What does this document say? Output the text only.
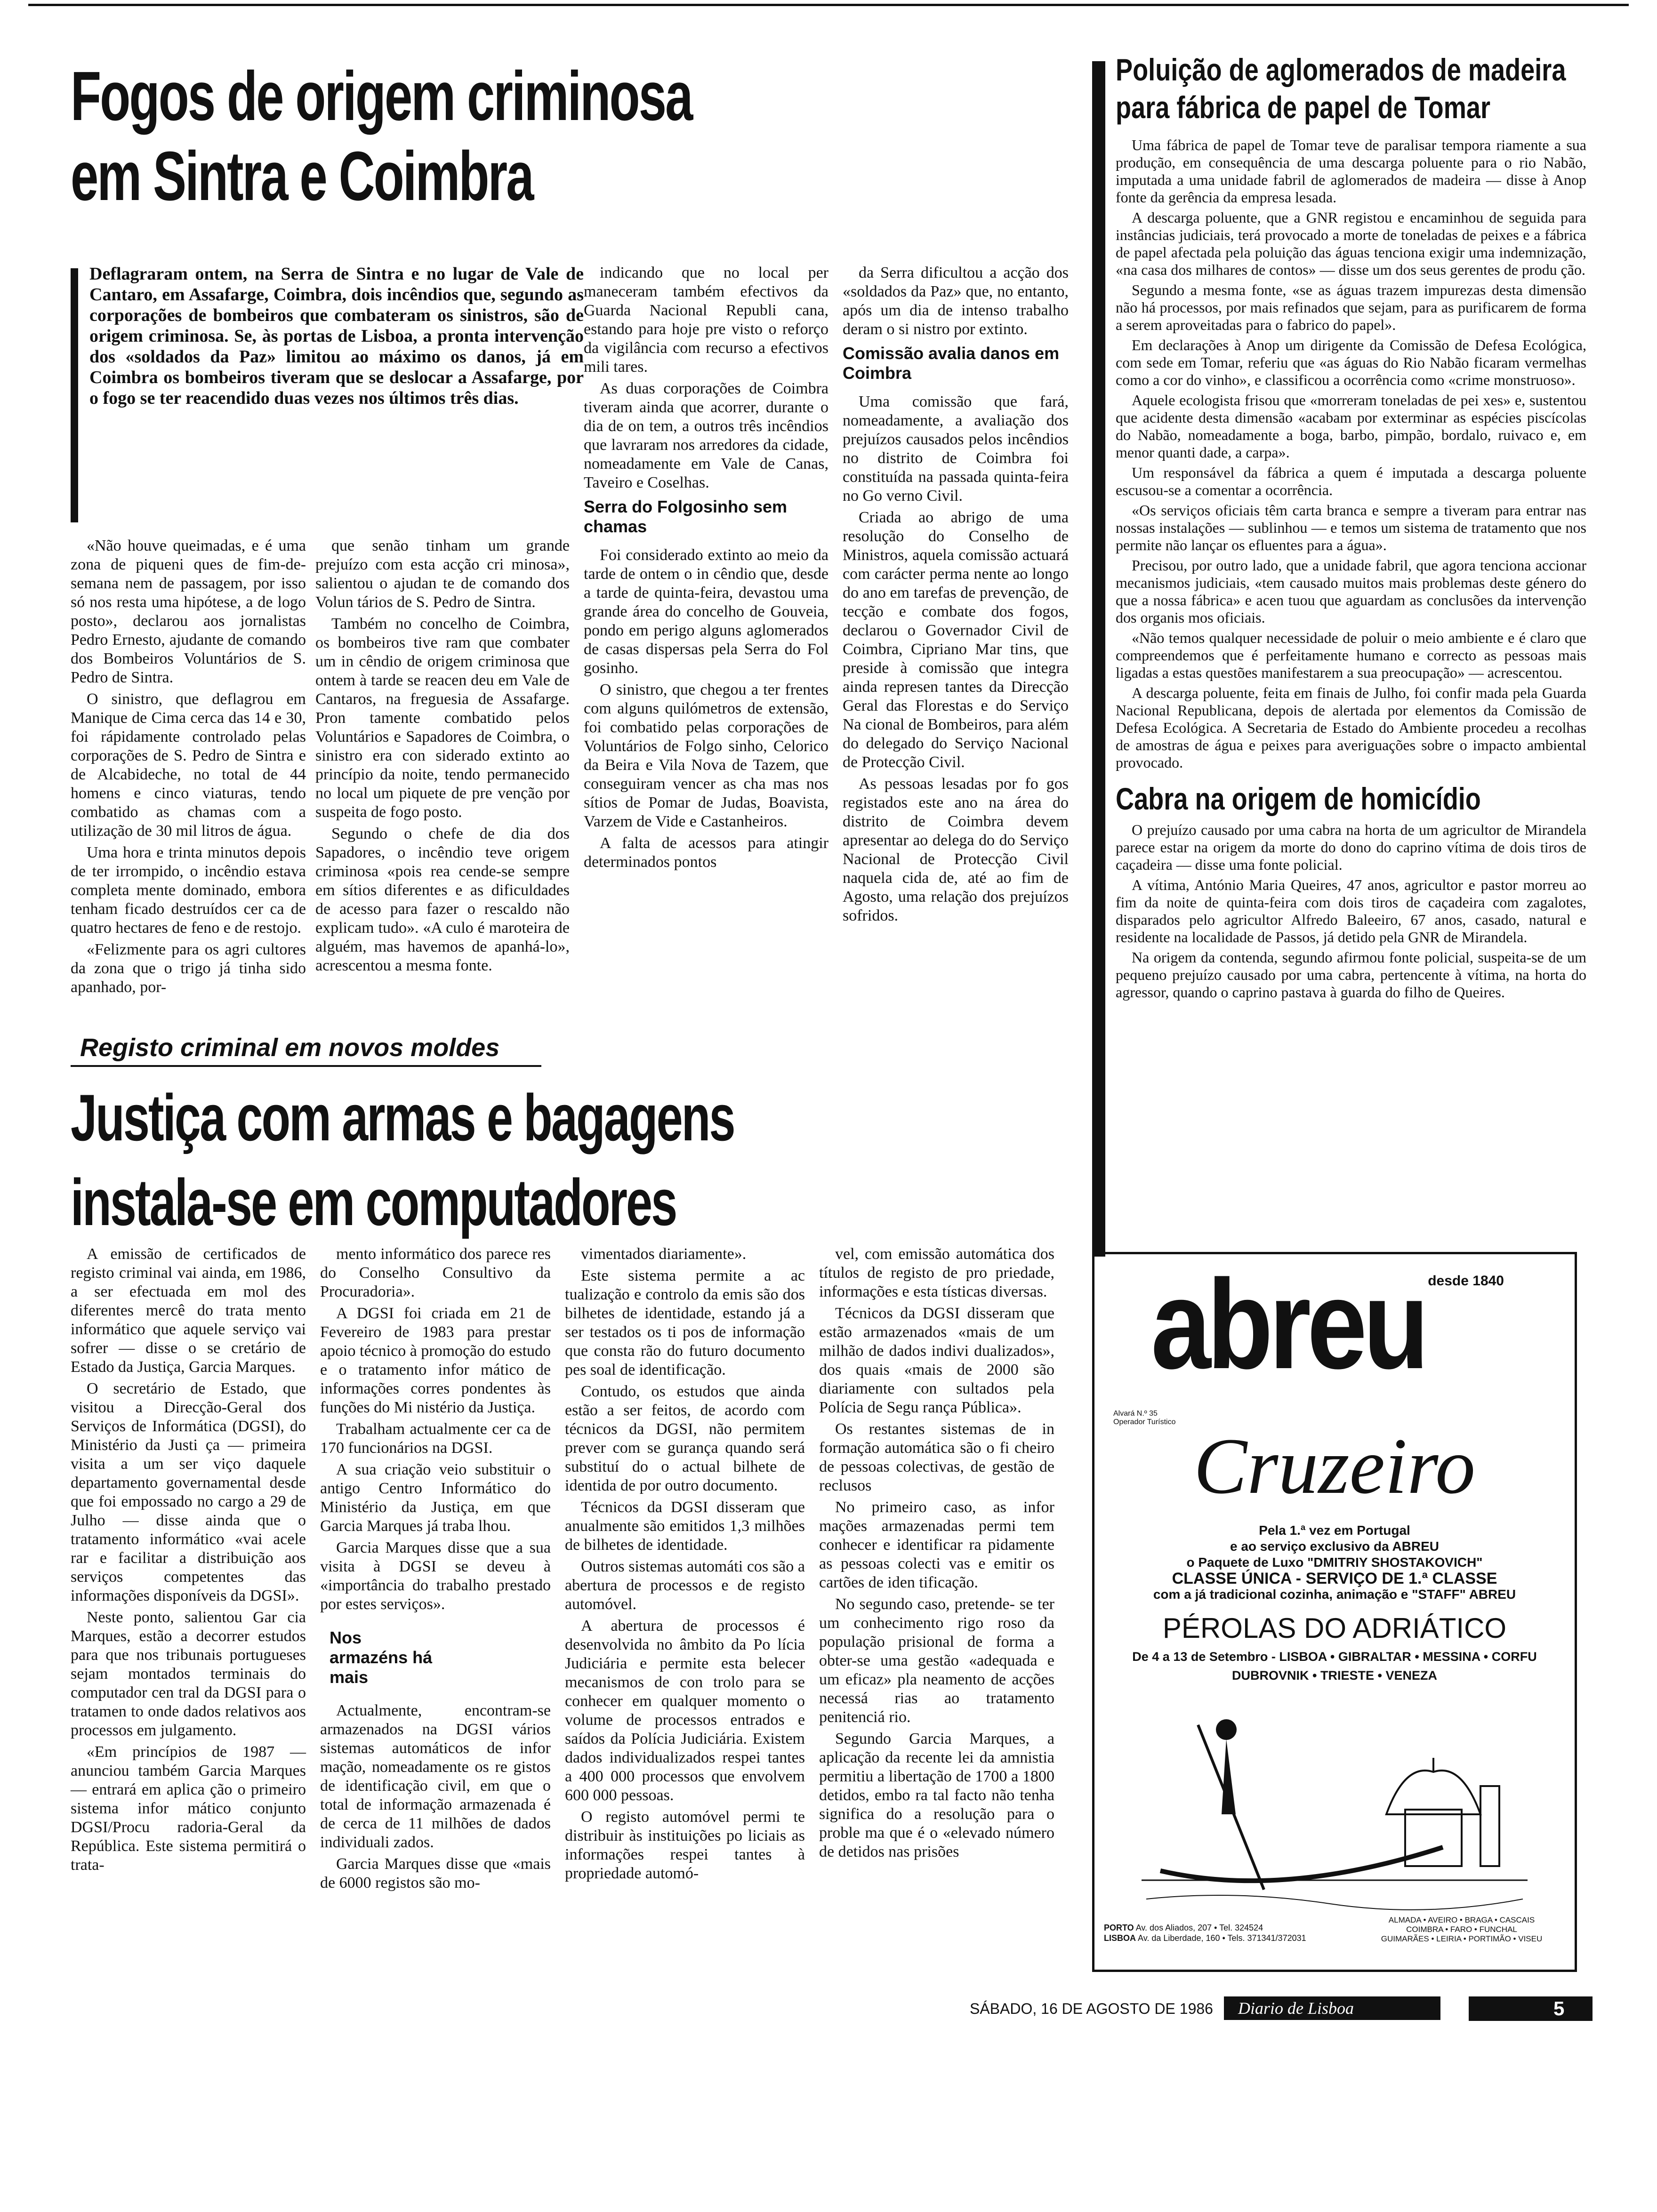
Fogos de origem criminosa
em Sintra e Coimbra

Deflagraram ontem, na Serra de Sintra e no lugar de Vale de Cantaro, em Assafarge, Coimbra, dois incêndios que, segundo as corporações de bombeiros que combateram os sinistros, são de origem criminosa. Se, às portas de Lisboa, a pronta intervenção dos «soldados da Paz» limitou ao máximo os danos, já em Coimbra os bombeiros tiveram que se deslocar a Assafarge, por o fogo se ter reacendido duas vezes nos últimos três dias.

«Não houve queimadas, e é uma zona de piqueni ques de fim-de-semana nem de passagem, por isso só nos resta uma hipótese, a de logo posto», declarou aos jornalistas Pedro Ernesto, ajudante de comando dos Bombeiros Voluntários de S. Pedro de Sintra.

O sinistro, que deflagrou em Manique de Cima cerca das 14 e 30, foi rápidamente controlado pelas corporações de S. Pedro de Sintra e de Alcabideche, no total de 44 homens e cinco viaturas, tendo combatido as chamas com a utilização de 30 mil litros de água.

Uma hora e trinta minutos depois de ter irrompido, o incêndio estava completa mente dominado, embora tenham ficado destruídos cer ca de quatro hectares de feno e de restojo.

«Felizmente para os agri cultores da zona que o trigo já tinha sido apanhado, por-

que senão tinham um grande prejuízo com esta acção cri minosa», salientou o ajudan te de comando dos Volun tários de S. Pedro de Sintra.

Também no concelho de Coimbra, os bombeiros tive ram que combater um in cêndio de origem criminosa que ontem à tarde se reacen deu em Vale de Cantaros, na freguesia de Assafarge. Pron tamente combatido pelos Voluntários e Sapadores de Coimbra, o sinistro era con siderado extinto ao princípio da noite, tendo permanecido no local um piquete de pre venção por suspeita de fogo posto.

Segundo o chefe de dia dos Sapadores, o incêndio teve origem criminosa «pois rea cende-se sempre em sítios diferentes e as dificuldades de acesso para fazer o rescaldo não explicam tudo». «A culo é maroteira de alguém, mas havemos de apanhá-lo», acrescentou a mesma fonte.

indicando que no local per maneceram também efectivos da Guarda Nacional Republi cana, estando para hoje pre visto o reforço da vigilância com recurso a efectivos mili tares.

As duas corporações de Coimbra tiveram ainda que acorrer, durante o dia de on tem, a outros três incêndios que lavraram nos arredores da cidade, nomeadamente em Vale de Canas, Taveiro e Coselhas.

Serra do Folgosinho sem chamas

Foi considerado extinto ao meio da tarde de ontem o in cêndio que, desde a tarde de quinta-feira, devastou uma grande área do concelho de Gouveia, pondo em perigo alguns aglomerados de casas dispersas pela Serra do Fol gosinho.

O sinistro, que chegou a ter frentes com alguns quilómetros de extensão, foi combatido pelas corporações de Voluntários de Folgo sinho, Celorico da Beira e Vila Nova de Tazem, que conseguiram vencer as cha mas nos sítios de Pomar de Judas, Boavista, Varzem de Vide e Castanheiros.

A falta de acessos para atingir determinados pontos

da Serra dificultou a acção dos «soldados da Paz» que, no entanto, após um dia de intenso trabalho deram o si nistro por extinto.

Comissão avalia danos em Coimbra

Uma comissão que fará, nomeadamente, a avaliação dos prejuízos causados pelos incêndios no distrito de Coimbra foi constituída na passada quinta-feira no Go verno Civil.

Criada ao abrigo de uma resolução do Conselho de Ministros, aquela comissão actuará com carácter perma nente ao longo do ano em tarefas de prevenção, de tecção e combate dos fogos, declarou o Governador Civil de Coimbra, Cipriano Mar tins, que preside à comissão que integra ainda represen tantes da Direcção Geral das Florestas e do Serviço Na cional de Bombeiros, para além do delegado do Serviço Nacional de Protecção Civil.

As pessoas lesadas por fo gos registados este ano na área do distrito de Coimbra devem apresentar ao delega do do Serviço Nacional de Protecção Civil naquela cida de, até ao fim de Agosto, uma relação dos prejuízos sofridos.

Registo criminal em novos moldes
Justiça com armas e bagagens
instala-se em computadores

A emissão de certificados de registo criminal vai ainda, em 1986, a ser efectuada em mol des diferentes mercê do trata mento informático que aquele serviço vai sofrer — disse o se cretário de Estado da Justiça, Garcia Marques.

O secretário de Estado, que visitou a Direcção-Geral dos Serviços de Informática (DGSI), do Ministério da Justi ça — primeira visita a um ser viço daquele departamento governamental desde que foi empossado no cargo a 29 de Julho — disse ainda que o tratamento informático «vai acele rar e facilitar a distribuição aos serviços competentes das informações disponíveis da DGSI».

Neste ponto, salientou Gar cia Marques, estão a decorrer estudos para que nos tribunais portugueses sejam montados terminais do computador cen tral da DGSI para o tratamen to onde dados relativos aos processos em julgamento.

«Em princípios de 1987 — anunciou também Garcia Marques — entrará em aplica ção o primeiro sistema infor mático conjunto DGSI/Procu radoria-Geral da República. Este sistema permitirá o trata-

mento informático dos parece res do Conselho Consultivo da Procuradoria».

A DGSI foi criada em 21 de Fevereiro de 1983 para prestar apoio técnico à promoção do estudo e o tratamento infor mático de informações corres pondentes às funções do Mi nistério da Justiça.

Trabalham actualmente cer ca de 170 funcionários na DGSI.

A sua criação veio substituir o antigo Centro Informático do Ministério da Justiça, em que Garcia Marques já traba lhou.

Garcia Marques disse que a sua visita à DGSI se deveu à «importância do trabalho prestado por estes serviços».

Nos armazéns há mais

Actualmente, encontram-se armazenados na DGSI vários sistemas automáticos de infor mação, nomeadamente os re gistos de identificação civil, em que o total de informação armazenada é de cerca de 11 milhões de dados individuali zados.

Garcia Marques disse que «mais de 6000 registos são mo-

vimentados diariamente».

Este sistema permite a ac tualização e controlo da emis são dos bilhetes de identidade, estando já a ser testados os ti pos de informação que consta rão do futuro documento pes soal de identificação.

Contudo, os estudos que ainda estão a ser feitos, de acordo com técnicos da DGSI, não permitem prever com se gurança quando será substituí do o actual bilhete de identida de por outro documento.

Técnicos da DGSI disseram que anualmente são emitidos 1,3 milhões de bilhetes de identidade.

Outros sistemas automáti cos são a abertura de processos e de registo automóvel.

A abertura de processos é desenvolvida no âmbito da Po lícia Judiciária e permite esta belecer mecanismos de con trolo para se conhecer em qualquer momento o volume de processos entrados e saídos da Polícia Judiciária. Existem dados individualizados respei tantes a 400 000 processos que envolvem 600 000 pessoas.

O registo automóvel permi te distribuir às instituições po liciais as informações respei tantes à propriedade automó-

vel, com emissão automática dos títulos de registo de pro priedade, informações e esta tísticas diversas.

Técnicos da DGSI disseram que estão armazenados «mais de um milhão de dados indivi dualizados», dos quais «mais de 2000 são diariamente con sultados pela Polícia de Segu rança Pública».

Os restantes sistemas de in formação automática são o fi cheiro de pessoas colectivas, de gestão de reclusos

No primeiro caso, as infor mações armazenadas permi tem conhecer e identificar ra pidamente as pessoas colecti vas e emitir os cartões de iden tificação.

No segundo caso, pretende- se ter um conhecimento rigo roso da população prisional de forma a obter-se uma gestão «adequada e um eficaz» pla neamento de acções necessá rias ao tratamento penitenciá rio.

Segundo Garcia Marques, a aplicação da recente lei da amnistia permitiu a libertação de 1700 a 1800 detidos, embo ra tal facto não tenha significa do a resolução para o proble ma que é o «elevado número de detidos nas prisões

Poluição de aglomerados de madeira
para fábrica de papel de Tomar

Uma fábrica de papel de Tomar teve de paralisar tempora riamente a sua produção, em consequência de uma descarga poluente para o rio Nabão, imputada a uma unidade fabril de aglomerados de madeira — disse à Anop fonte da gerência da empresa lesada.

A descarga poluente, que a GNR registou e encaminhou de seguida para instâncias judiciais, terá provocado a morte de toneladas de peixes e a fábrica de papel afectada pela poluição das águas tenciona exigir uma indemnização, «na casa dos milhares de contos» — disse um dos seus gerentes de produ ção.

Segundo a mesma fonte, «se as águas trazem impurezas desta dimensão não há processos, por mais refinados que sejam, para as purificarem de forma a serem aproveitadas para o fabrico do papel».

Em declarações à Anop um dirigente da Comissão de Defesa Ecológica, com sede em Tomar, referiu que «as águas do Rio Nabão ficaram vermelhas como a cor do vinho», e classificou a ocorrência como «crime monstruoso».

Aquele ecologista frisou que «morreram toneladas de pei xes» e, sustentou que acidente desta dimensão «acabam por exterminar as espécies piscícolas do Nabão, nomeadamente a boga, barbo, pimpão, bordalo, ruivaco e, em menor quanti dade, a carpa».

Um responsável da fábrica a quem é imputada a descarga poluente escusou-se a comentar a ocorrência.

«Os serviços oficiais têm carta branca e sempre a tiveram para entrar nas nossas instalações — sublinhou — e temos um sistema de tratamento que nos permite não lançar os efluentes para a água».

Precisou, por outro lado, que a unidade fabril, que agora tenciona accionar mecanismos judiciais, «tem causado muitos mais problemas deste género do que a nossa fábrica» e acen tuou que aguardam as conclusões da intervenção dos organis mos oficiais.

«Não temos qualquer necessidade de poluir o meio ambiente e é claro que compreendemos que é perfeitamente humano e correcto as pessoas mais ligadas a estas questões manifestarem a sua preocupação» — acrescentou.

A descarga poluente, feita em finais de Julho, foi confir mada pela Guarda Nacional Republicana, depois de alertada por elementos da Comissão de Defesa Ecológica. A Secretaria de Estado do Ambiente procedeu a recolhas de amostras de água e peixes para averiguações sobre o impacto ambiental provocado.

Cabra na origem de homicídio

O prejuízo causado por uma cabra na horta de um agricultor de Mirandela parece estar na origem da morte do dono do caprino vítima de dois tiros de caçadeira — disse uma fonte policial.

A vítima, António Maria Queires, 47 anos, agricultor e pastor morreu ao fim da noite de quinta-feira com dois tiros de caçadeira com zagalotes, disparados pelo agricultor Alfredo Baleeiro, 67 anos, casado, natural e residente na localidade de Passos, já detido pela GNR de Mirandela.

Na origem da contenda, segundo afirmou fonte policial, suspeita-se de um pequeno prejuízo causado por uma cabra, pertencente à vítima, na horta do agressor, quando o caprino pastava à guarda do filho de Queires.

desde 1840
abreu
Alvará N.º 35 Operador Turístico Cruzeiro
Pela 1.ª vez em Portugal
e ao serviço exclusivo da ABREU
o Paquete de Luxo "DMITRIY SHOSTAKOVICH"
CLASSE ÚNICA - SERVIÇO DE 1.ª CLASSE
com a já tradicional cozinha, animação e "STAFF" ABREU
PÉROLAS DO ADRIÁTICO
De 4 a 13 de Setembro - LISBOA • GIBRALTAR • MESSINA • CORFU
DUBROVNIK • TRIESTE • VENEZA
PORTO Av. dos Aliados, 207 • Tel. 324524
LISBOA Av. da Liberdade, 160 • Tels. 371341/372031
ALMADA • AVEIRO • BRAGA • CASCAIS
COIMBRA • FARO • FUNCHAL
GUIMARÃES • LEIRIA • PORTIMÃO • VISEU
SÁBADO, 16 DE AGOSTO DE 1986	Diario de Lisboa	5
